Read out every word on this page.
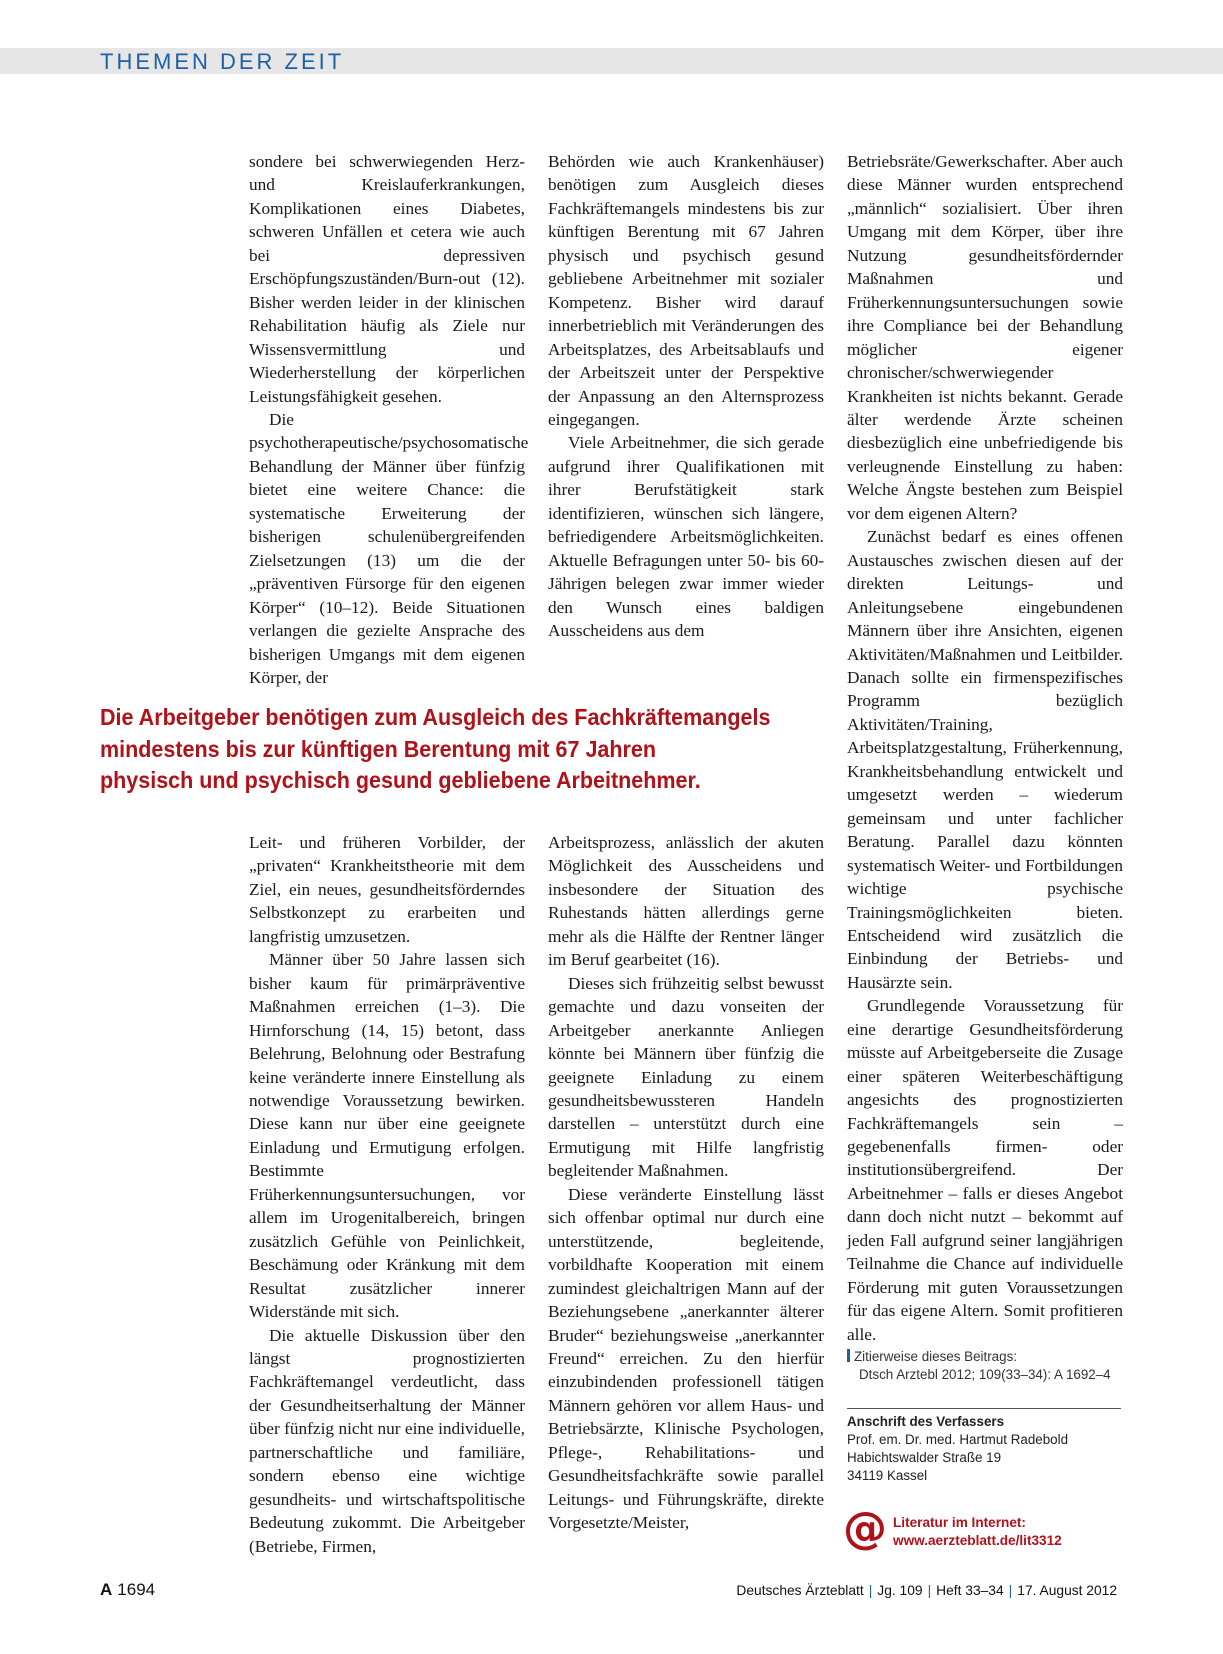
THEMEN DER ZEIT

sondere bei schwerwiegenden Herz- und Kreislauferkrankungen, Komplikationen eines Diabetes, schweren Unfällen et cetera wie auch bei depressiven Erschöpfungszuständen/Burn-out (12). Bisher werden leider in der klinischen Rehabilitation häufig als Ziele nur Wissensvermittlung und Wiederherstellung der körperlichen Leistungsfähigkeit gesehen.

Die psychotherapeutische/psychosomatische Behandlung der Männer über fünfzig bietet eine weitere Chance: die systematische Erweiterung der bisherigen schulenübergreifenden Zielsetzungen (13) um die der „präventiven Fürsorge für den eigenen Körper“ (10–12). Beide Situationen verlangen die gezielte Ansprache des bisherigen Umgangs mit dem eigenen Körper, der

Behörden wie auch Krankenhäuser) benötigen zum Ausgleich dieses Fachkräftemangels mindestens bis zur künftigen Berentung mit 67 Jahren physisch und psychisch gesund gebliebene Arbeitnehmer mit sozialer Kompetenz. Bisher wird darauf innerbetrieblich mit Veränderungen des Arbeitsplatzes, des Arbeitsablaufs und der Arbeitszeit unter der Perspektive der Anpassung an den Alternsprozess eingegangen.

Viele Arbeitnehmer, die sich gerade aufgrund ihrer Qualifikationen mit ihrer Berufstätigkeit stark identifizieren, wünschen sich längere, befriedigendere Arbeitsmöglichkeiten. Aktuelle Befragungen unter 50- bis 60-Jährigen belegen zwar immer wieder den Wunsch eines baldigen Ausscheidens aus dem

Betriebsräte/Gewerkschafter. Aber auch diese Männer wurden entsprechend „männlich“ sozialisiert. Über ihren Umgang mit dem Körper, über ihre Nutzung gesundheitsfördernder Maßnahmen und Früherkennungsuntersuchungen sowie ihre Compliance bei der Behandlung möglicher eigener chronischer/schwerwiegender Krankheiten ist nichts bekannt. Gerade älter werdende Ärzte scheinen diesbezüglich eine unbefriedigende bis verleugnende Einstellung zu haben: Welche Ängste bestehen zum Beispiel vor dem eigenen Altern?

Zunächst bedarf es eines offenen Austausches zwischen diesen auf der direkten Leitungs- und Anleitungsebene eingebundenen Männern über ihre Ansichten, eigenen Aktivitäten/Maßnahmen und Leitbilder. Danach sollte ein firmenspezifisches Programm bezüglich Aktivitäten/Training, Arbeitsplatzgestaltung, Früherkennung, Krankheitsbehandlung entwickelt und umgesetzt werden – wiederum gemeinsam und unter fachlicher Beratung. Parallel dazu könnten systematisch Weiter- und Fortbildungen wichtige psychische Trainingsmöglichkeiten bieten. Entscheidend wird zusätzlich die Einbindung der Betriebs- und Hausärzte sein.

Grundlegende Voraussetzung für eine derartige Gesundheitsförderung müsste auf Arbeitgeberseite die Zusage einer späteren Weiterbeschäftigung angesichts des prognostizierten Fachkräftemangels sein – gegebenenfalls firmen- oder institutionsübergreifend. Der Arbeitnehmer – falls er dieses Angebot dann doch nicht nutzt – bekommt auf jeden Fall aufgrund seiner langjährigen Teilnahme die Chance auf individuelle Förderung mit guten Voraussetzungen für das eigene Altern. Somit profitieren alle.

Die Arbeitgeber benötigen zum Ausgleich des Fachkräftemangels
mindestens bis zur künftigen Berentung mit 67 Jahren
physisch und psychisch gesund gebliebene Arbeitnehmer.

Leit- und früheren Vorbilder, der „privaten“ Krankheitstheorie mit dem Ziel, ein neues, gesundheitsförderndes Selbstkonzept zu erarbeiten und langfristig umzusetzen.

Männer über 50 Jahre lassen sich bisher kaum für primärpräventive Maßnahmen erreichen (1–3). Die Hirnforschung (14, 15) betont, dass Belehrung, Belohnung oder Bestrafung keine veränderte innere Einstellung als notwendige Voraussetzung bewirken. Diese kann nur über eine geeignete Einladung und Ermutigung erfolgen. Bestimmte Früherkennungsuntersuchungen, vor allem im Urogenitalbereich, bringen zusätzlich Gefühle von Peinlichkeit, Beschämung oder Kränkung mit dem Resultat zusätzlicher innerer Widerstände mit sich.

Die aktuelle Diskussion über den längst prognostizierten Fachkräftemangel verdeutlicht, dass der Gesundheitserhaltung der Männer über fünfzig nicht nur eine individuelle, partnerschaftliche und familiäre, sondern ebenso eine wichtige gesundheits- und wirtschaftspolitische Bedeutung zukommt. Die Arbeitgeber (Betriebe, Firmen,

Arbeitsprozess, anlässlich der akuten Möglichkeit des Ausscheidens und insbesondere der Situation des Ruhestands hätten allerdings gerne mehr als die Hälfte der Rentner länger im Beruf gearbeitet (16).

Dieses sich frühzeitig selbst bewusst gemachte und dazu vonseiten der Arbeitgeber anerkannte Anliegen könnte bei Männern über fünfzig die geeignete Einladung zu einem gesundheitsbewussteren Handeln darstellen – unterstützt durch eine Ermutigung mit Hilfe langfristig begleitender Maßnahmen.

Diese veränderte Einstellung lässt sich offenbar optimal nur durch eine unterstützende, begleitende, vorbildhafte Kooperation mit einem zumindest gleichaltrigen Mann auf der Beziehungsebene „anerkannter älterer Bruder“ beziehungsweise „anerkannter Freund“ erreichen. Zu den hierfür einzubindenden professionell tätigen Männern gehören vor allem Haus- und Betriebsärzte, Klinische Psychologen, Pflege-, Rehabilitations- und Gesundheitsfachkräfte sowie parallel Leitungs- und Führungskräfte, direkte Vorgesetzte/Meister,

Zitierweise dieses Beitrags:
Dtsch Arztebl 2012; 109(33–34): A 1692–4
Anschrift des Verfassers
Prof. em. Dr. med. Hartmut Radebold
Habichtswalder Straße 19
34119 Kassel
@ Literatur im Internet:
www.aerzteblatt.de/lit3312
A 1694	Deutsches Ärzteblatt | Jg. 109 | Heft 33–34 | 17. August 2012
